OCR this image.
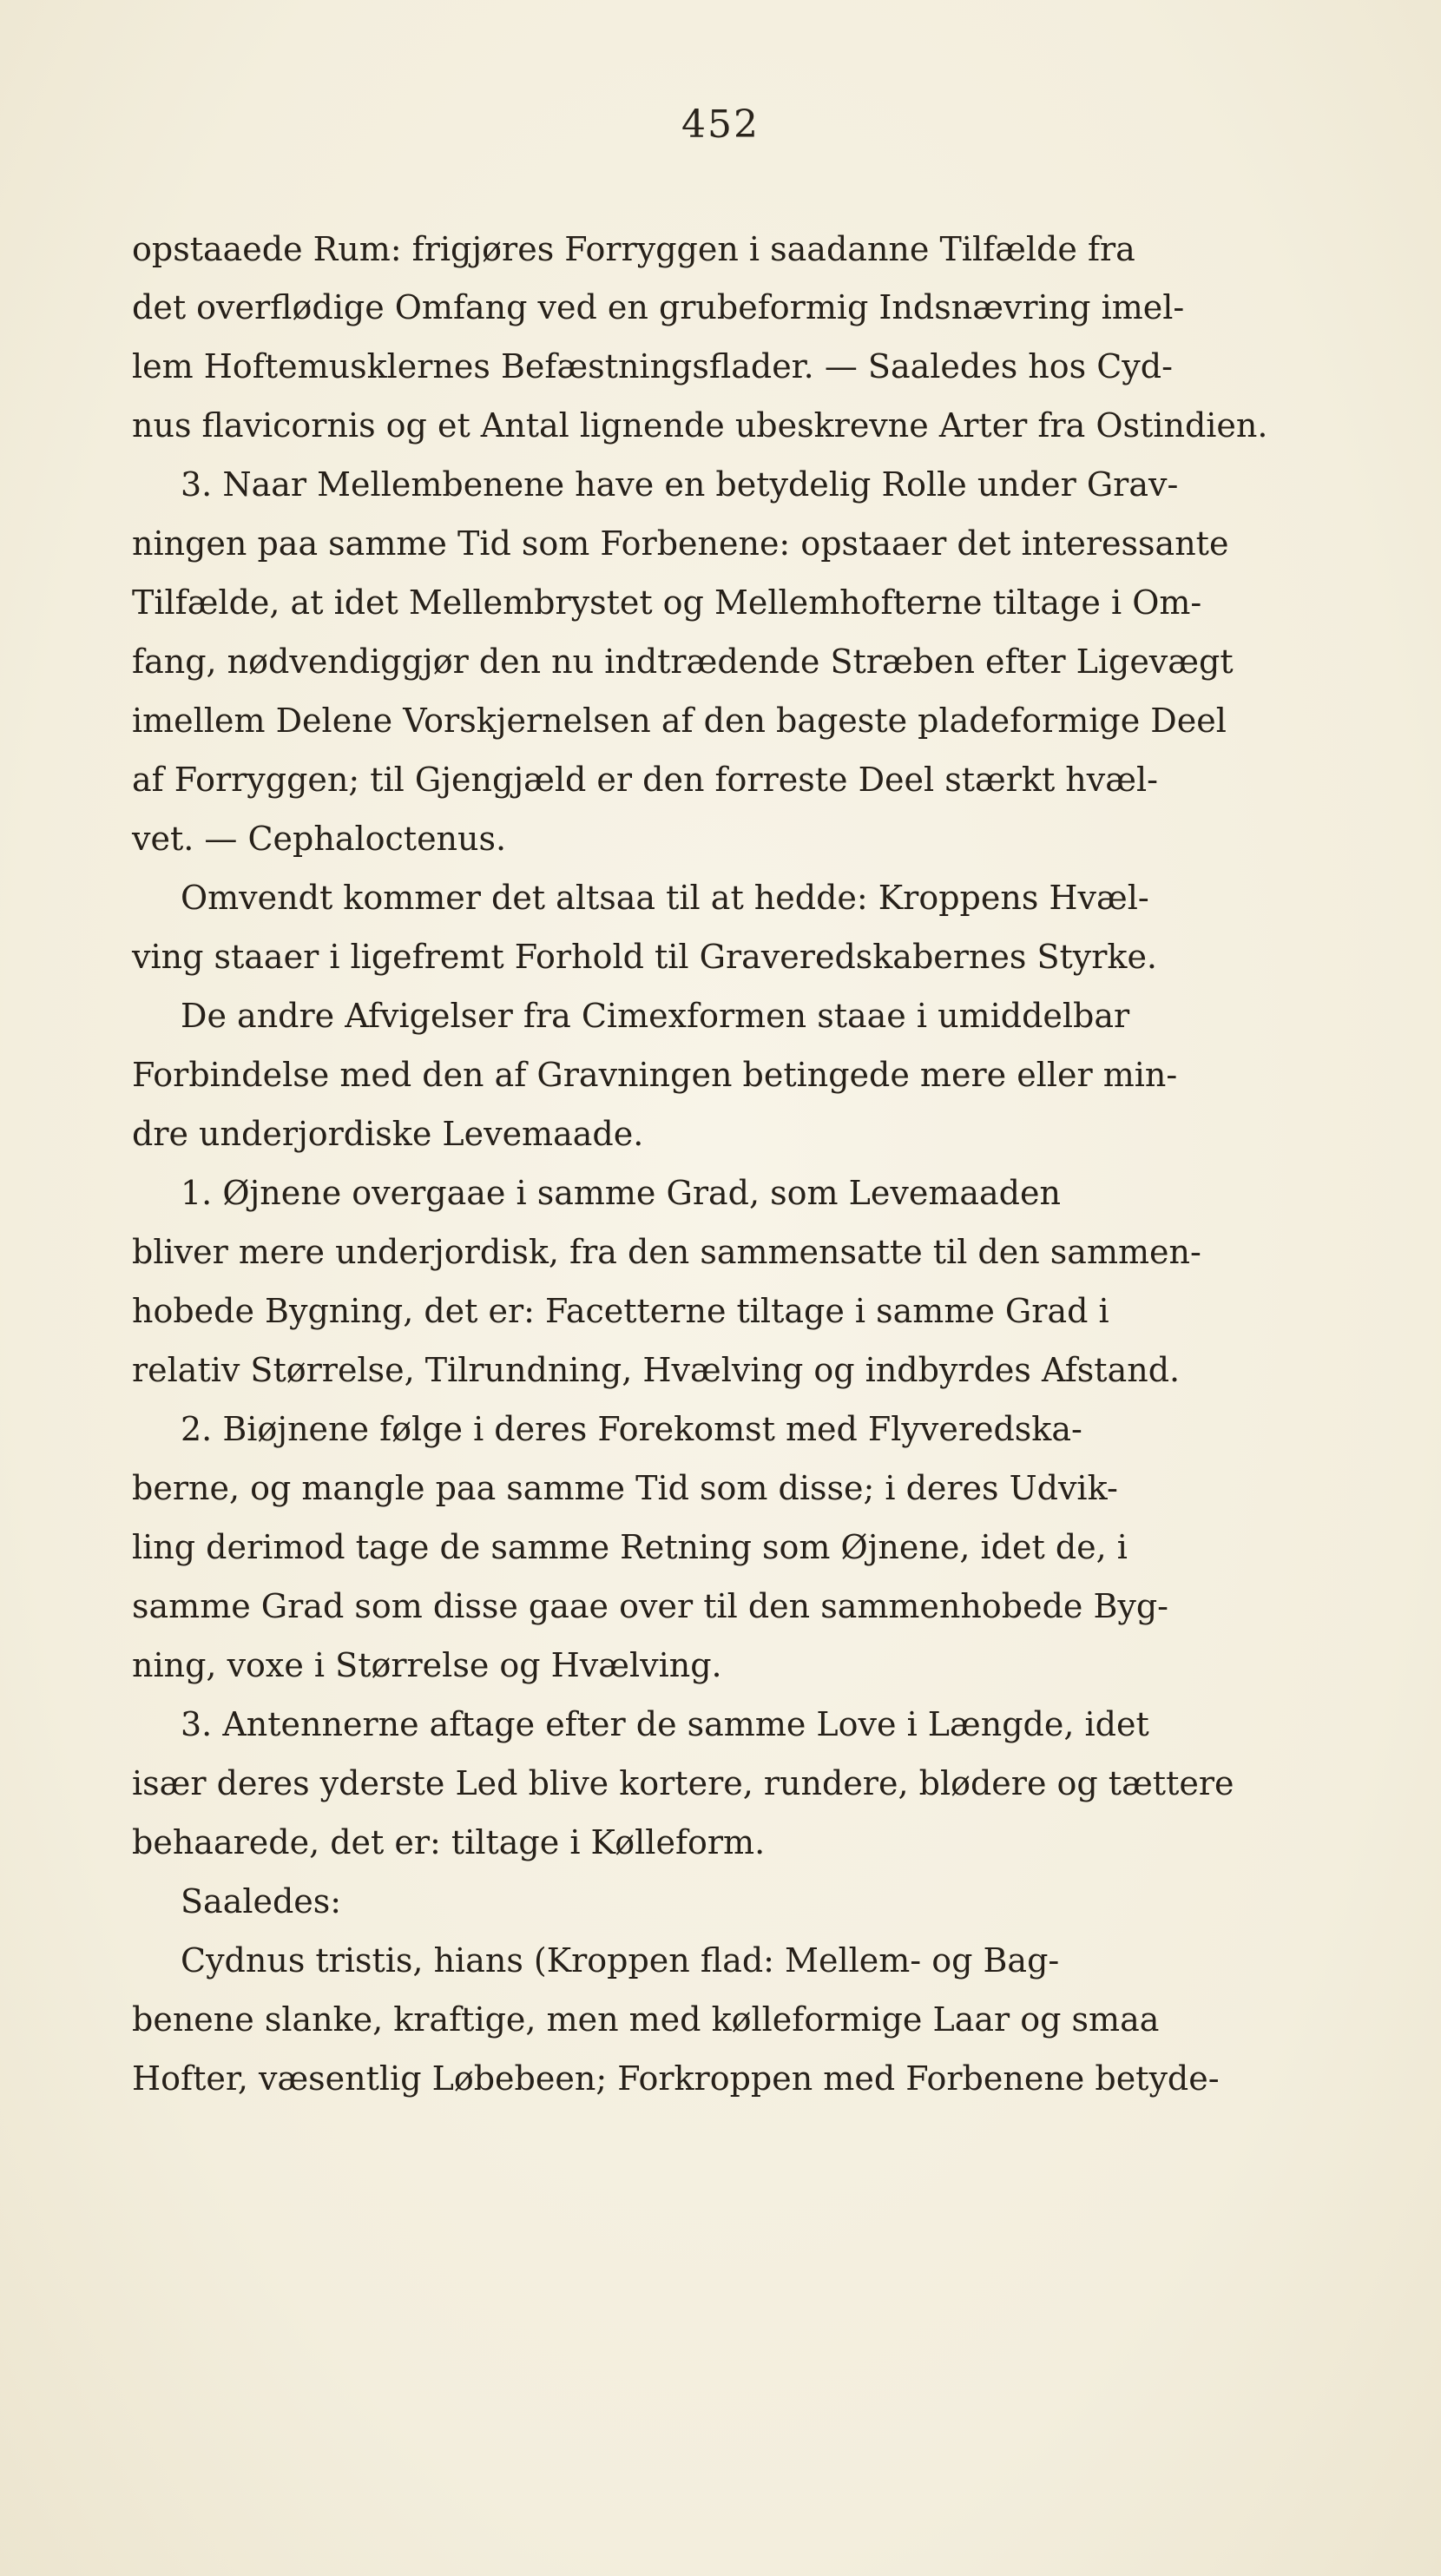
452
opstaaede Rum: frigjøres Forryggen i saadanne Tilfælde fra
det overflødige Omfang ved en grubeformig Indsnævring imel-
lem Hoftemusklernes Befæstningsflader. — Saaledes hos Cyd-
nus flavicornis og et Antal lignende ubeskrevne Arter fra Ostindien.
3. Naar Mellembenene have en betydelig Rolle under Grav-
ningen paa samme Tid som Forbenene: opstaaer det interessante
Tilfælde, at idet Mellembrystet og Mellemhofterne tiltage i Om-
fang, nødvendiggjør den nu indtrædende Stræben efter Ligevægt
imellem Delene Vorskjernelsen af den bageste pladeformige Deel
af Forryggen; til Gjengjæld er den forreste Deel stærkt hvæl-
vet. — Cephaloctenus.
Omvendt kommer det altsaa til at hedde: Kroppens Hvæl-
ving staaer i ligefremt Forhold til Graveredskabernes Styrke.
De andre Afvigelser fra Cimexformen staae i umiddelbar
Forbindelse med den af Gravningen betingede mere eller min-
dre underjordiske Levemaade.
1. Øjnene overgaae i samme Grad, som Levemaaden
bliver mere underjordisk, fra den sammensatte til den sammen-
hobede Bygning, det er: Facetterne tiltage i samme Grad i
relativ Størrelse, Tilrundning, Hvælving og indbyrdes Afstand.
2. Biøjnene følge i deres Forekomst med Flyveredska-
berne, og mangle paa samme Tid som disse; i deres Udvik-
ling derimod tage de samme Retning som Øjnene, idet de, i
samme Grad som disse gaae over til den sammenhobede Byg-
ning, voxe i Størrelse og Hvælving.
3. Antennerne aftage efter de samme Love i Længde, idet
især deres yderste Led blive kortere, rundere, blødere og tættere
behaarede, det er: tiltage i Kølleform.
Saaledes:
Cydnus tristis, hians (Kroppen flad: Mellem- og Bag-
benene slanke, kraftige, men med kølleformige Laar og smaa
Hofter, væsentlig Løbebeen; Forkroppen med Forbenene betyde-
